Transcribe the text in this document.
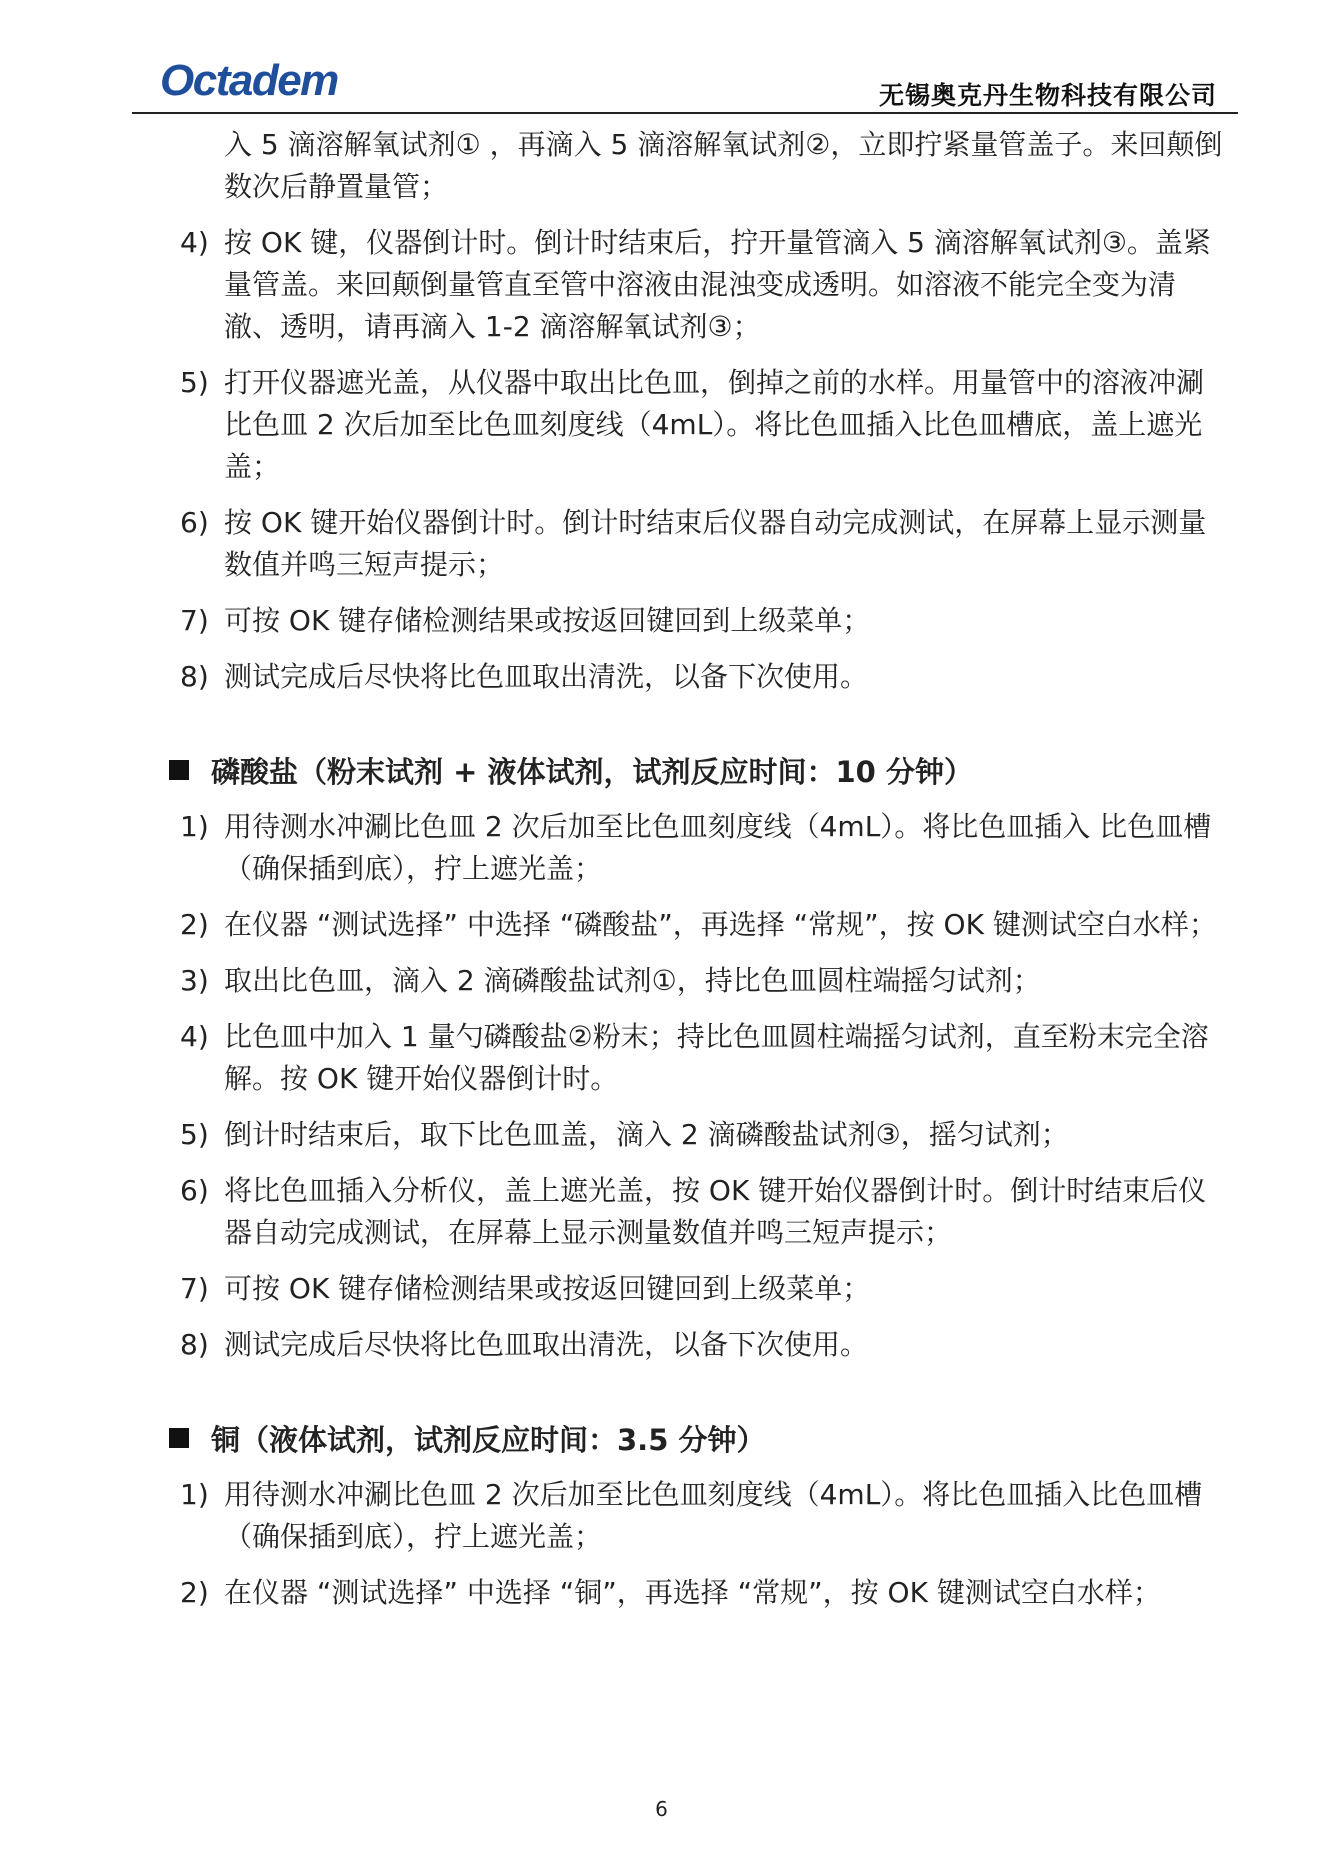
Octadem	无锡奥克丹生物科技有限公司
入 5 滴溶解氧试剂① ，再滴入 5 滴溶解氧试剂②，立即拧紧量管盖子。来回颠倒数次后静置量管；
4) 按 OK 键，仪器倒计时。倒计时结束后，拧开量管滴入 5 滴溶解氧试剂③。盖紧量管盖。来回颠倒量管直至管中溶液由混浊变成透明。如溶液不能完全变为清澈、透明，请再滴入 1-2 滴溶解氧试剂③；
5) 打开仪器遮光盖，从仪器中取出比色皿，倒掉之前的水样。用量管中的溶液冲涮比色皿 2 次后加至比色皿刻度线（4mL）。将比色皿插入比色皿槽底，盖上遮光盖；
6) 按 OK 键开始仪器倒计时。倒计时结束后仪器自动完成测试，在屏幕上显示测量数值并鸣三短声提示；
7) 可按 OK 键存储检测结果或按返回键回到上级菜单；
8) 测试完成后尽快将比色皿取出清洗，以备下次使用。
磷酸盐（粉末试剂 + 液体试剂，试剂反应时间：10 分钟）
1) 用待测水冲涮比色皿 2 次后加至比色皿刻度线（4mL）。将比色皿插入 比色皿槽（确保插到底），拧上遮光盖；
2) 在仪器 “测试选择” 中选择 “磷酸盐”，再选择 “常规”，按 OK 键测试空白水样；
3) 取出比色皿，滴入 2 滴磷酸盐试剂①，持比色皿圆柱端摇匀试剂；
4) 比色皿中加入 1 量勺磷酸盐②粉末；持比色皿圆柱端摇匀试剂，直至粉末完全溶解。按 OK 键开始仪器倒计时。
5) 倒计时结束后，取下比色皿盖，滴入 2 滴磷酸盐试剂③，摇匀试剂；
6) 将比色皿插入分析仪，盖上遮光盖，按 OK 键开始仪器倒计时。倒计时结束后仪器自动完成测试，在屏幕上显示测量数值并鸣三短声提示；
7) 可按 OK 键存储检测结果或按返回键回到上级菜单；
8) 测试完成后尽快将比色皿取出清洗，以备下次使用。
铜（液体试剂，试剂反应时间：3.5 分钟）
1) 用待测水冲涮比色皿 2 次后加至比色皿刻度线（4mL）。将比色皿插入比色皿槽（确保插到底），拧上遮光盖；
2) 在仪器 “测试选择” 中选择 “铜”，再选择 “常规”，按 OK 键测试空白水样；
6
